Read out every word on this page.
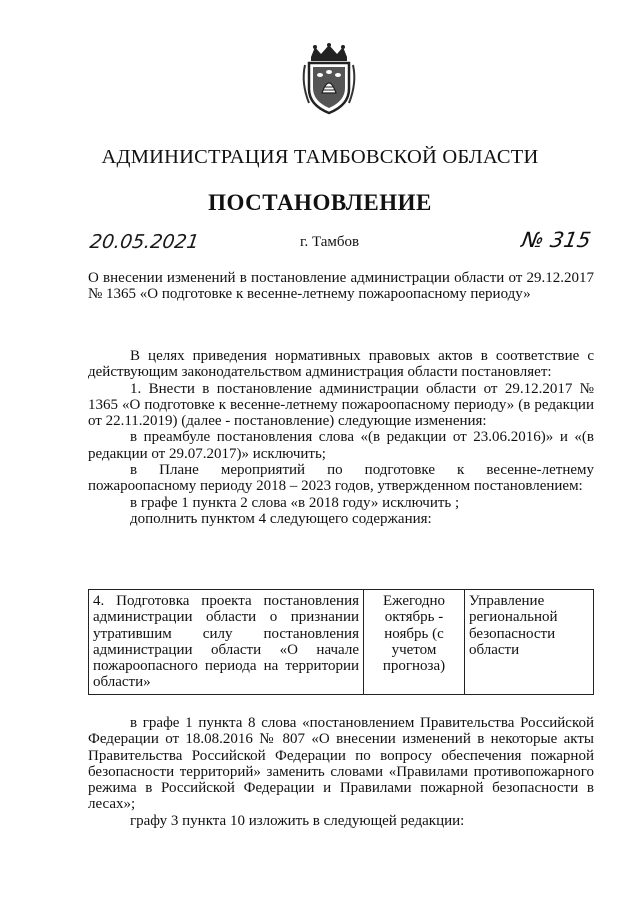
АДМИНИСТРАЦИЯ ТАМБОВСКОЙ ОБЛАСТИ
ПОСТАНОВЛЕНИЕ
20.05.2021	г. Тамбов	№ 315
О внесении изменений в постановление администрации области от 29.12.2017 № 1365 «О подготовке к весенне-летнему пожароопасному периоду»

В целях приведения нормативных правовых актов в соответствие с действующим законодательством администрация области постановляет:

1. Внести в постановление администрации области от 29.12.2017 № 1365 «О подготовке к весенне-летнему пожароопасному периоду» (в редакции от 22.11.2019) (далее - постановление) следующие изменения:

в преамбуле постановления слова «(в редакции от 23.06.2016)» и «(в редакции от 29.07.2017)» исключить;

в Плане мероприятий по подготовке к весенне-летнему пожароопасному периоду 2018 – 2023 годов, утвержденном постановлением:

в графе 1 пункта 2 слова «в 2018 году» исключить ;

дополнить пунктом 4 следующего содержания:

4. Подготовка проекта постановления администрации области о признании утратившим силу постановления администрации области «О начале пожароопасного периода на территории области»	Ежегодно октябрь - ноябрь (с учетом прогноза)	Управление региональной безопасности области

в графе 1 пункта 8 слова «постановлением Правительства Российской Федерации от 18.08.2016 № 807 «О внесении изменений в некоторые акты Правительства Российской Федерации по вопросу обеспечения пожарной безопасности территорий» заменить словами «Правилами противопожарного режима в Российской Федерации и Правилами пожарной безопасности в лесах»;

графу 3 пункта 10 изложить в следующей редакции:
